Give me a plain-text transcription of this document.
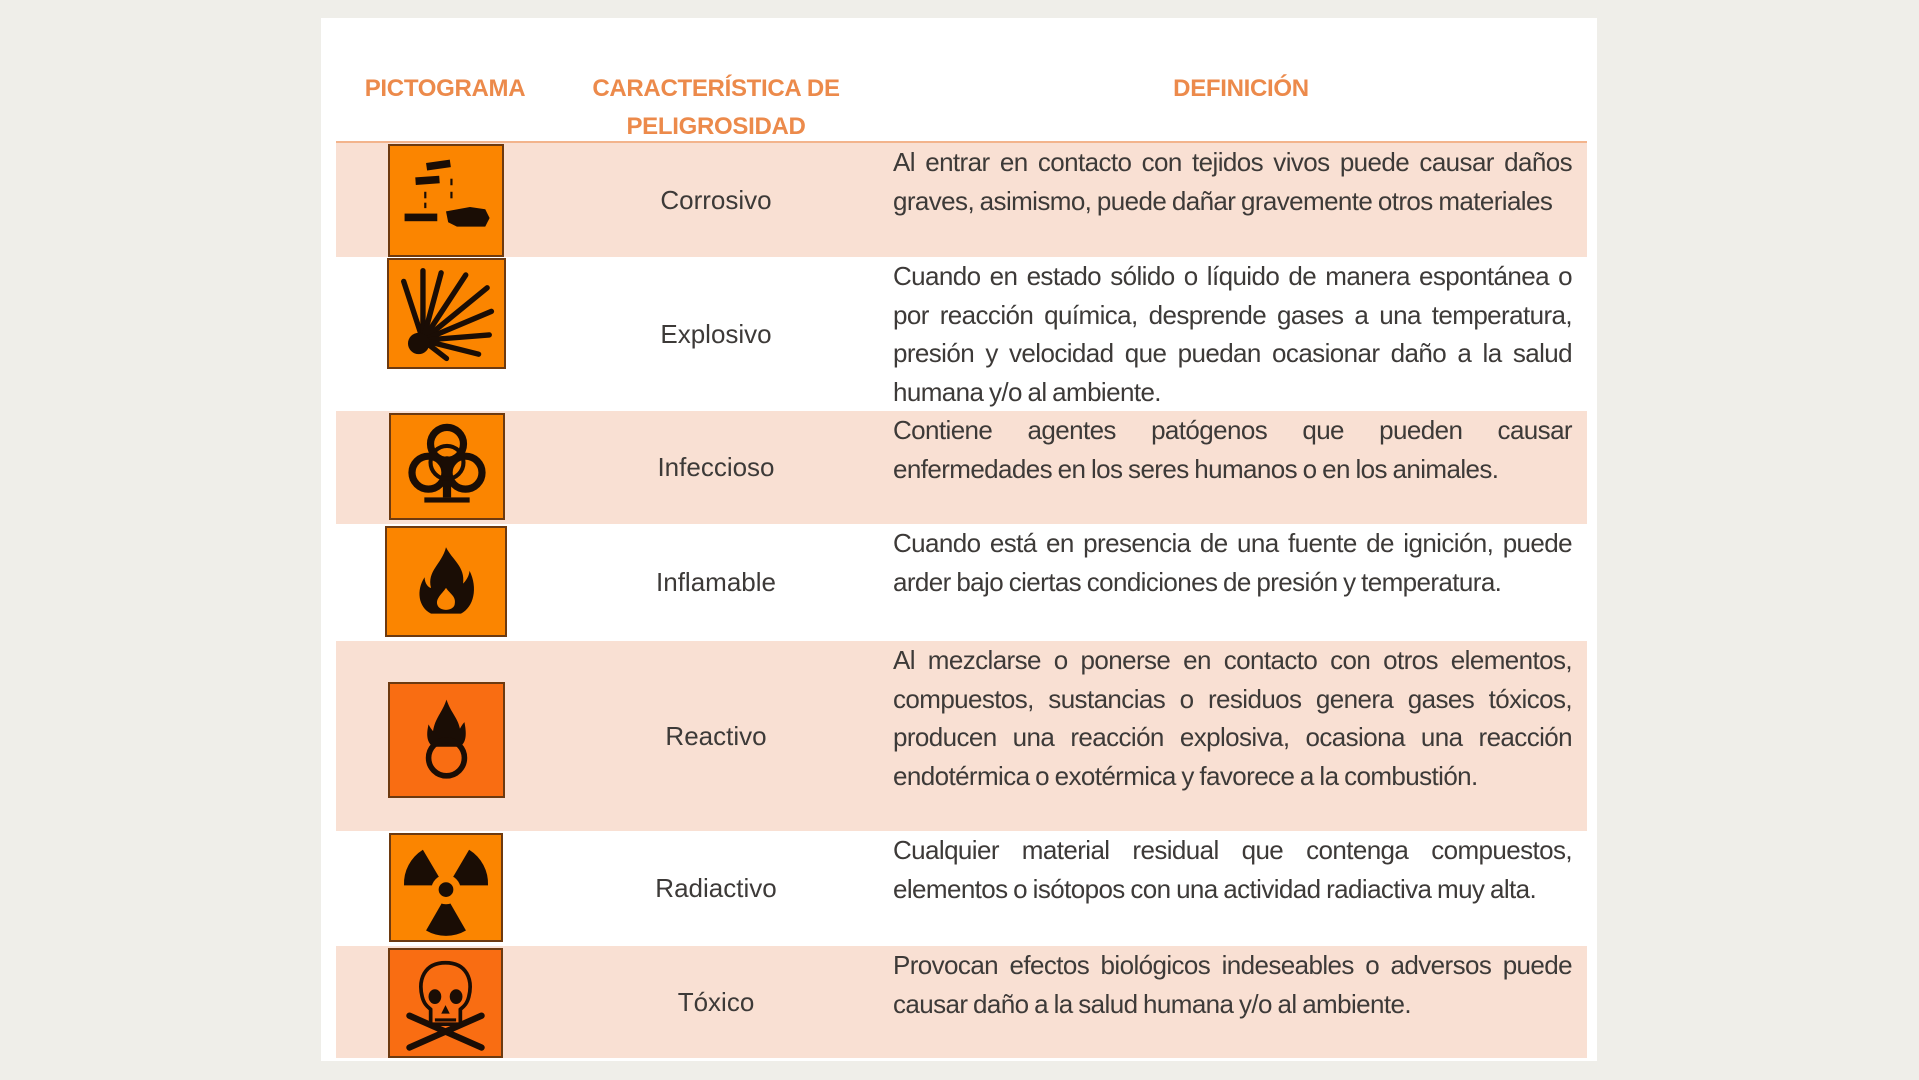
PICTOGRAMA	CARACTERÍSTICA DE PELIGROSIDAD
DEFINICIÓN
Corrosivo
Al entrar en contacto con tejidos vivos puede causar daños graves, asimismo, puede dañar gravemente otros materiales
Explosivo
Cuando en estado sólido o líquido de manera espontánea o por reacción química, desprende gases a una temperatura, presión y velocidad que puedan ocasionar daño a la salud humana y/o al ambiente.
Infeccioso
Contiene agentes patógenos que pueden causar enfermedades en los seres humanos o en los animales.
Inflamable
Cuando está en presencia de una fuente de ignición, puede arder bajo ciertas condiciones de presión y temperatura.
Reactivo
Al mezclarse o ponerse en contacto con otros elementos, compuestos, sustancias o residuos genera gases tóxicos, producen una reacción explosiva, ocasiona una reacción endotérmica o exotérmica y favorece a la combustión.
Radiactivo
Cualquier material residual que contenga compuestos, elementos o isótopos con una actividad radiactiva muy alta.
Tóxico
Provocan efectos biológicos indeseables o adversos puede causar daño a la salud humana y/o al ambiente.
